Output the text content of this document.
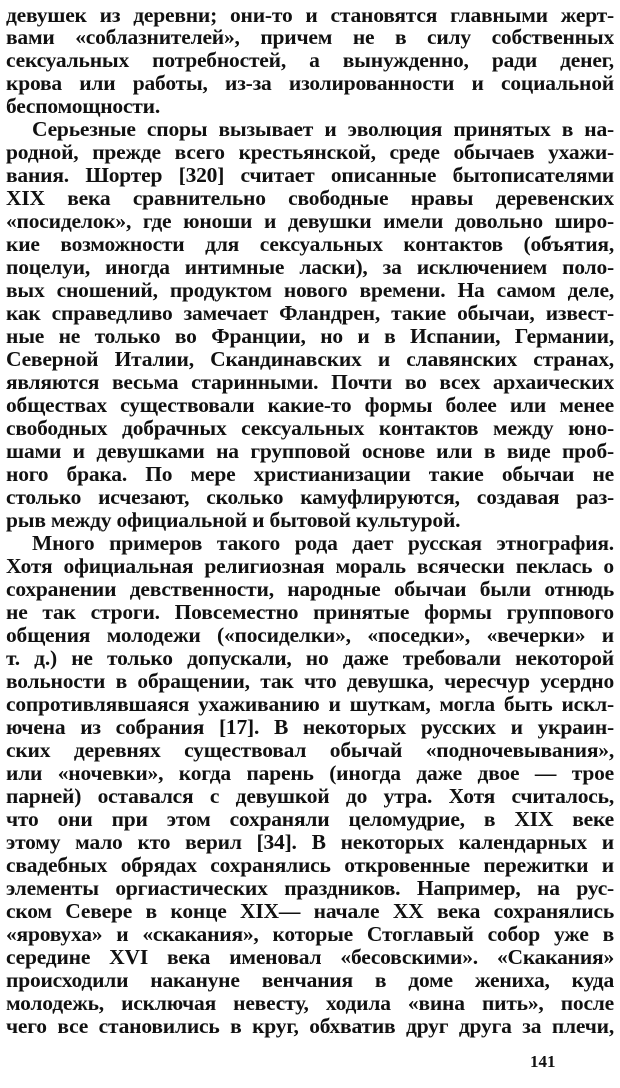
девушек из деревни; они-то и становятся главными жерт-
вами «соблазнителей», причем не в силу собственных
сексуальных потребностей, а вынужденно, ради денег,
крова или работы, из-за изолированности и социальной
беспомощности.
Серьезные споры вызывает и эволюция принятых в на-
родной, прежде всего крестьянской, среде обычаев ухажи-
вания. Шортер [320] считает описанные бытописателями
XIX века сравнительно свободные нравы деревенских
«посиделок», где юноши и девушки имели довольно широ-
кие возможности для сексуальных контактов (объятия,
поцелуи, иногда интимные ласки), за исключением поло-
вых сношений, продуктом нового времени. На самом деле,
как справедливо замечает Фландрен, такие обычаи, извест-
ные не только во Франции, но и в Испании, Германии,
Северной Италии, Скандинавских и славянских странах,
являются весьма старинными. Почти во всех архаических
обществах существовали какие-то формы более или менее
свободных добрачных сексуальных контактов между юно-
шами и девушками на групповой основе или в виде проб-
ного брака. По мере христианизации такие обычаи не
столько исчезают, сколько камуфлируются, создавая раз-
рыв между официальной и бытовой культурой.
Много примеров такого рода дает русская этнография.
Хотя официальная религиозная мораль всячески пеклась о
сохранении девственности, народные обычаи были отнюдь
не так строги. Повсеместно принятые формы группового
общения молодежи («посиделки», «поседки», «вечерки» и
т. д.) не только допускали, но даже требовали некоторой
вольности в обращении, так что девушка, чересчур усердно
сопротивлявшаяся ухаживанию и шуткам, могла быть искл-
ючена из собрания [17]. В некоторых русских и украин-
ских деревнях существовал обычай «подночевывания»,
или «ночевки», когда парень (иногда даже двое — трое
парней) оставался с девушкой до утра. Хотя считалось,
что они при этом сохраняли целомудрие, в XIX веке
этому мало кто верил [34]. В некоторых календарных и
свадебных обрядах сохранялись откровенные пережитки и
элементы оргиастических праздников. Например, на рус-
ском Севере в конце XIX— начале XX века сохранялись
«яровуха» и «скакания», которые Стоглавый собор уже в
середине XVI века именовал «бесовскими». «Скакания»
происходили накануне венчания в доме жениха, куда
молодежь, исключая невесту, ходила «вина пить», после
чего все становились в круг, обхватив друг друга за плечи,
141
